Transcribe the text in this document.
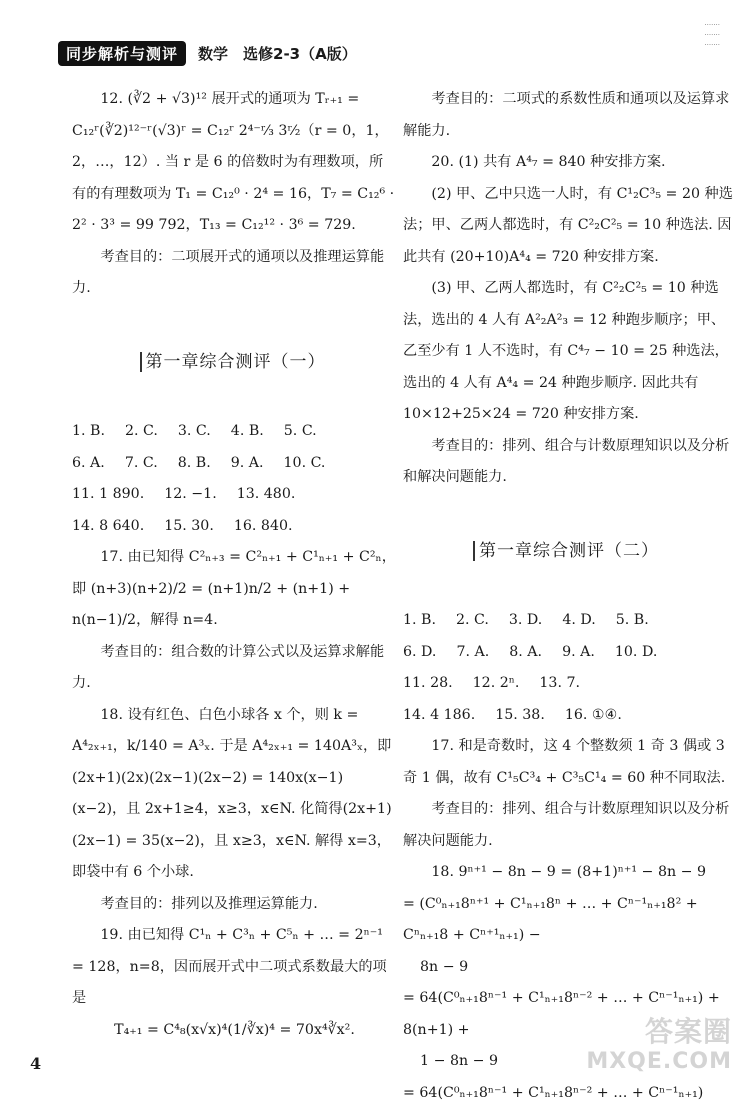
·······
·······
·······
同步解析与测评	数学　选修2-3（A版）

12. (∛2 + √3)¹² 展开式的通项为 Tᵣ₊₁ = C₁₂ʳ(∛2)¹²⁻ʳ(√3)ʳ = C₁₂ʳ 2⁴⁻ʳ⁄₃ 3ʳ⁄₂（r = 0，1，2，…，12）. 当 r 是 6 的倍数时为有理数项，所有的有理数项为 T₁ = C₁₂⁰ · 2⁴ = 16，T₇ = C₁₂⁶ · 2² · 3³ = 99 792，T₁₃ = C₁₂¹² · 3⁶ = 729.

考查目的：二项展开式的通项以及推理运算能力.

第一章综合测评（一）
1. B. 2. C. 3. C. 4. B. 5. C.
6. A. 7. C. 8. B. 9. A. 10. C.
11. 1 890. 12. −1. 13. 480.
14. 8 640. 15. 30. 16. 840.

17. 由已知得 C²ₙ₊₃ = C²ₙ₊₁ + C¹ₙ₊₁ + C²ₙ，即 (n+3)(n+2)/2 = (n+1)n/2 + (n+1) + n(n−1)/2，解得 n=4.

考查目的：组合数的计算公式以及运算求解能力.

18. 设有红色、白色小球各 x 个，则 k = A⁴₂ₓ₊₁，k/140 = A³ₓ. 于是 A⁴₂ₓ₊₁ = 140A³ₓ，即(2x+1)(2x)(2x−1)(2x−2) = 140x(x−1)(x−2)，且 2x+1≥4，x≥3，x∈N. 化简得(2x+1)(2x−1) = 35(x−2)，且 x≥3，x∈N. 解得 x=3，即袋中有 6 个小球.

考查目的：排列以及推理运算能力.

19. 由已知得 C¹ₙ + C³ₙ + C⁵ₙ + … = 2ⁿ⁻¹ = 128，n=8，因而展开式中二项式系数最大的项是

T₄₊₁ = C⁴₈(x√x)⁴(1/∛x)⁴ = 70x⁴∛x².

考查目的：二项式的系数性质和通项以及运算求解能力.

20. (1) 共有 A⁴₇ = 840 种安排方案.

(2) 甲、乙中只选一人时，有 C¹₂C³₅ = 20 种选法；甲、乙两人都选时，有 C²₂C²₅ = 10 种选法. 因此共有 (20+10)A⁴₄ = 720 种安排方案.

(3) 甲、乙两人都选时，有 C²₂C²₅ = 10 种选法，选出的 4 人有 A²₂A²₃ = 12 种跑步顺序；甲、乙至少有 1 人不选时，有 C⁴₇ − 10 = 25 种选法，选出的 4 人有 A⁴₄ = 24 种跑步顺序. 因此共有 10×12+25×24 = 720 种安排方案.

考查目的：排列、组合与计数原理知识以及分析和解决问题能力.

第一章综合测评（二）
1. B. 2. C. 3. D. 4. D. 5. B.
6. D. 7. A. 8. A. 9. A. 10. D.
11. 28. 12. 2ⁿ. 13. 7.
14. 4 186. 15. 38. 16. ①④.

17. 和是奇数时，这 4 个整数须 1 奇 3 偶或 3 奇 1 偶，故有 C¹₅C³₄ + C³₅C¹₄ = 60 种不同取法.

考查目的：排列、组合与计数原理知识以及分析解决问题能力.

18. 9ⁿ⁺¹ − 8n − 9 = (8+1)ⁿ⁺¹ − 8n − 9

= (C⁰ₙ₊₁8ⁿ⁺¹ + C¹ₙ₊₁8ⁿ + … + Cⁿ⁻¹ₙ₊₁8² + Cⁿₙ₊₁8 + Cⁿ⁺¹ₙ₊₁) −

8n − 9

= 64(C⁰ₙ₊₁8ⁿ⁻¹ + C¹ₙ₊₁8ⁿ⁻² + … + Cⁿ⁻¹ₙ₊₁) + 8(n+1) +

1 − 8n − 9

= 64(C⁰ₙ₊₁8ⁿ⁻¹ + C¹ₙ₊₁8ⁿ⁻² + … + Cⁿ⁻¹ₙ₊₁)

4
答案圈
MXQE.COM
